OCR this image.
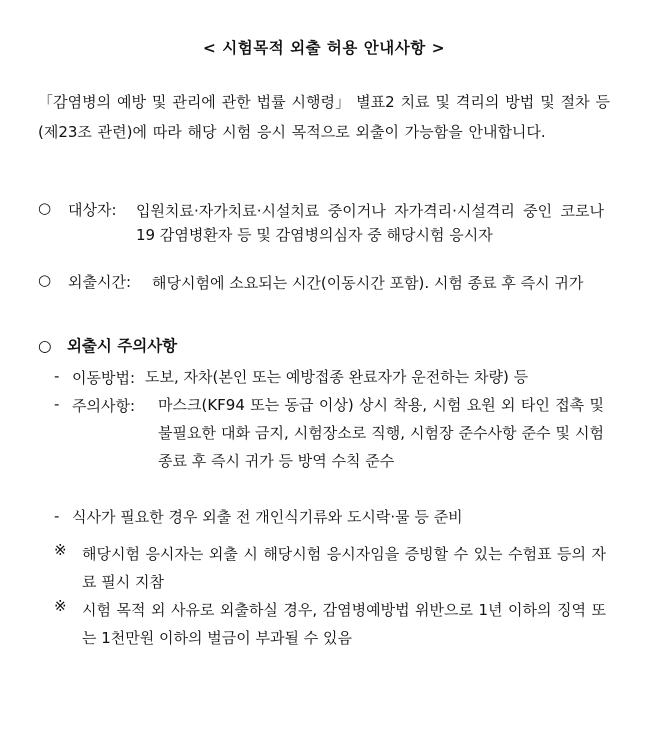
< 시험목적 외출 허용 안내사항 >
「감염병의 예방 및 관리에 관한 법률 시행령」 별표2 치료 및 격리의 방법 및 절차 등(제23조 관련)에 따라 해당 시험 응시 목적으로 외출이 가능함을 안내합니다.
○ 대상자: 입원치료·자가치료·시설치료 중이거나 자가격리·시설격리 중인 코로나19 감염병환자 등 및 감염병의심자 중 해당시험 응시자
○ 외출시간: 해당시험에 소요되는 시간(이동시간 포함). 시험 종료 후 즉시 귀가
○ 외출시 주의사항
- 이동방법: 도보, 자차(본인 또는 예방접종 완료자가 운전하는 차량) 등
- 주의사항: 마스크(KF94 또는 동급 이상) 상시 착용, 시험 요원 외 타인 접촉 및 불필요한 대화 금지, 시험장소로 직행, 시험장 준수사항 준수 및 시험 종료 후 즉시 귀가 등 방역 수칙 준수
- 식사가 필요한 경우 외출 전 개인식기류와 도시락·물 등 준비
※ 해당시험 응시자는 외출 시 해당시험 응시자임을 증빙할 수 있는 수험표 등의 자료 필시 지참
※ 시험 목적 외 사유로 외출하실 경우, 감염병예방법 위반으로 1년 이하의 징역 또는 1천만원 이하의 벌금이 부과될 수 있음
